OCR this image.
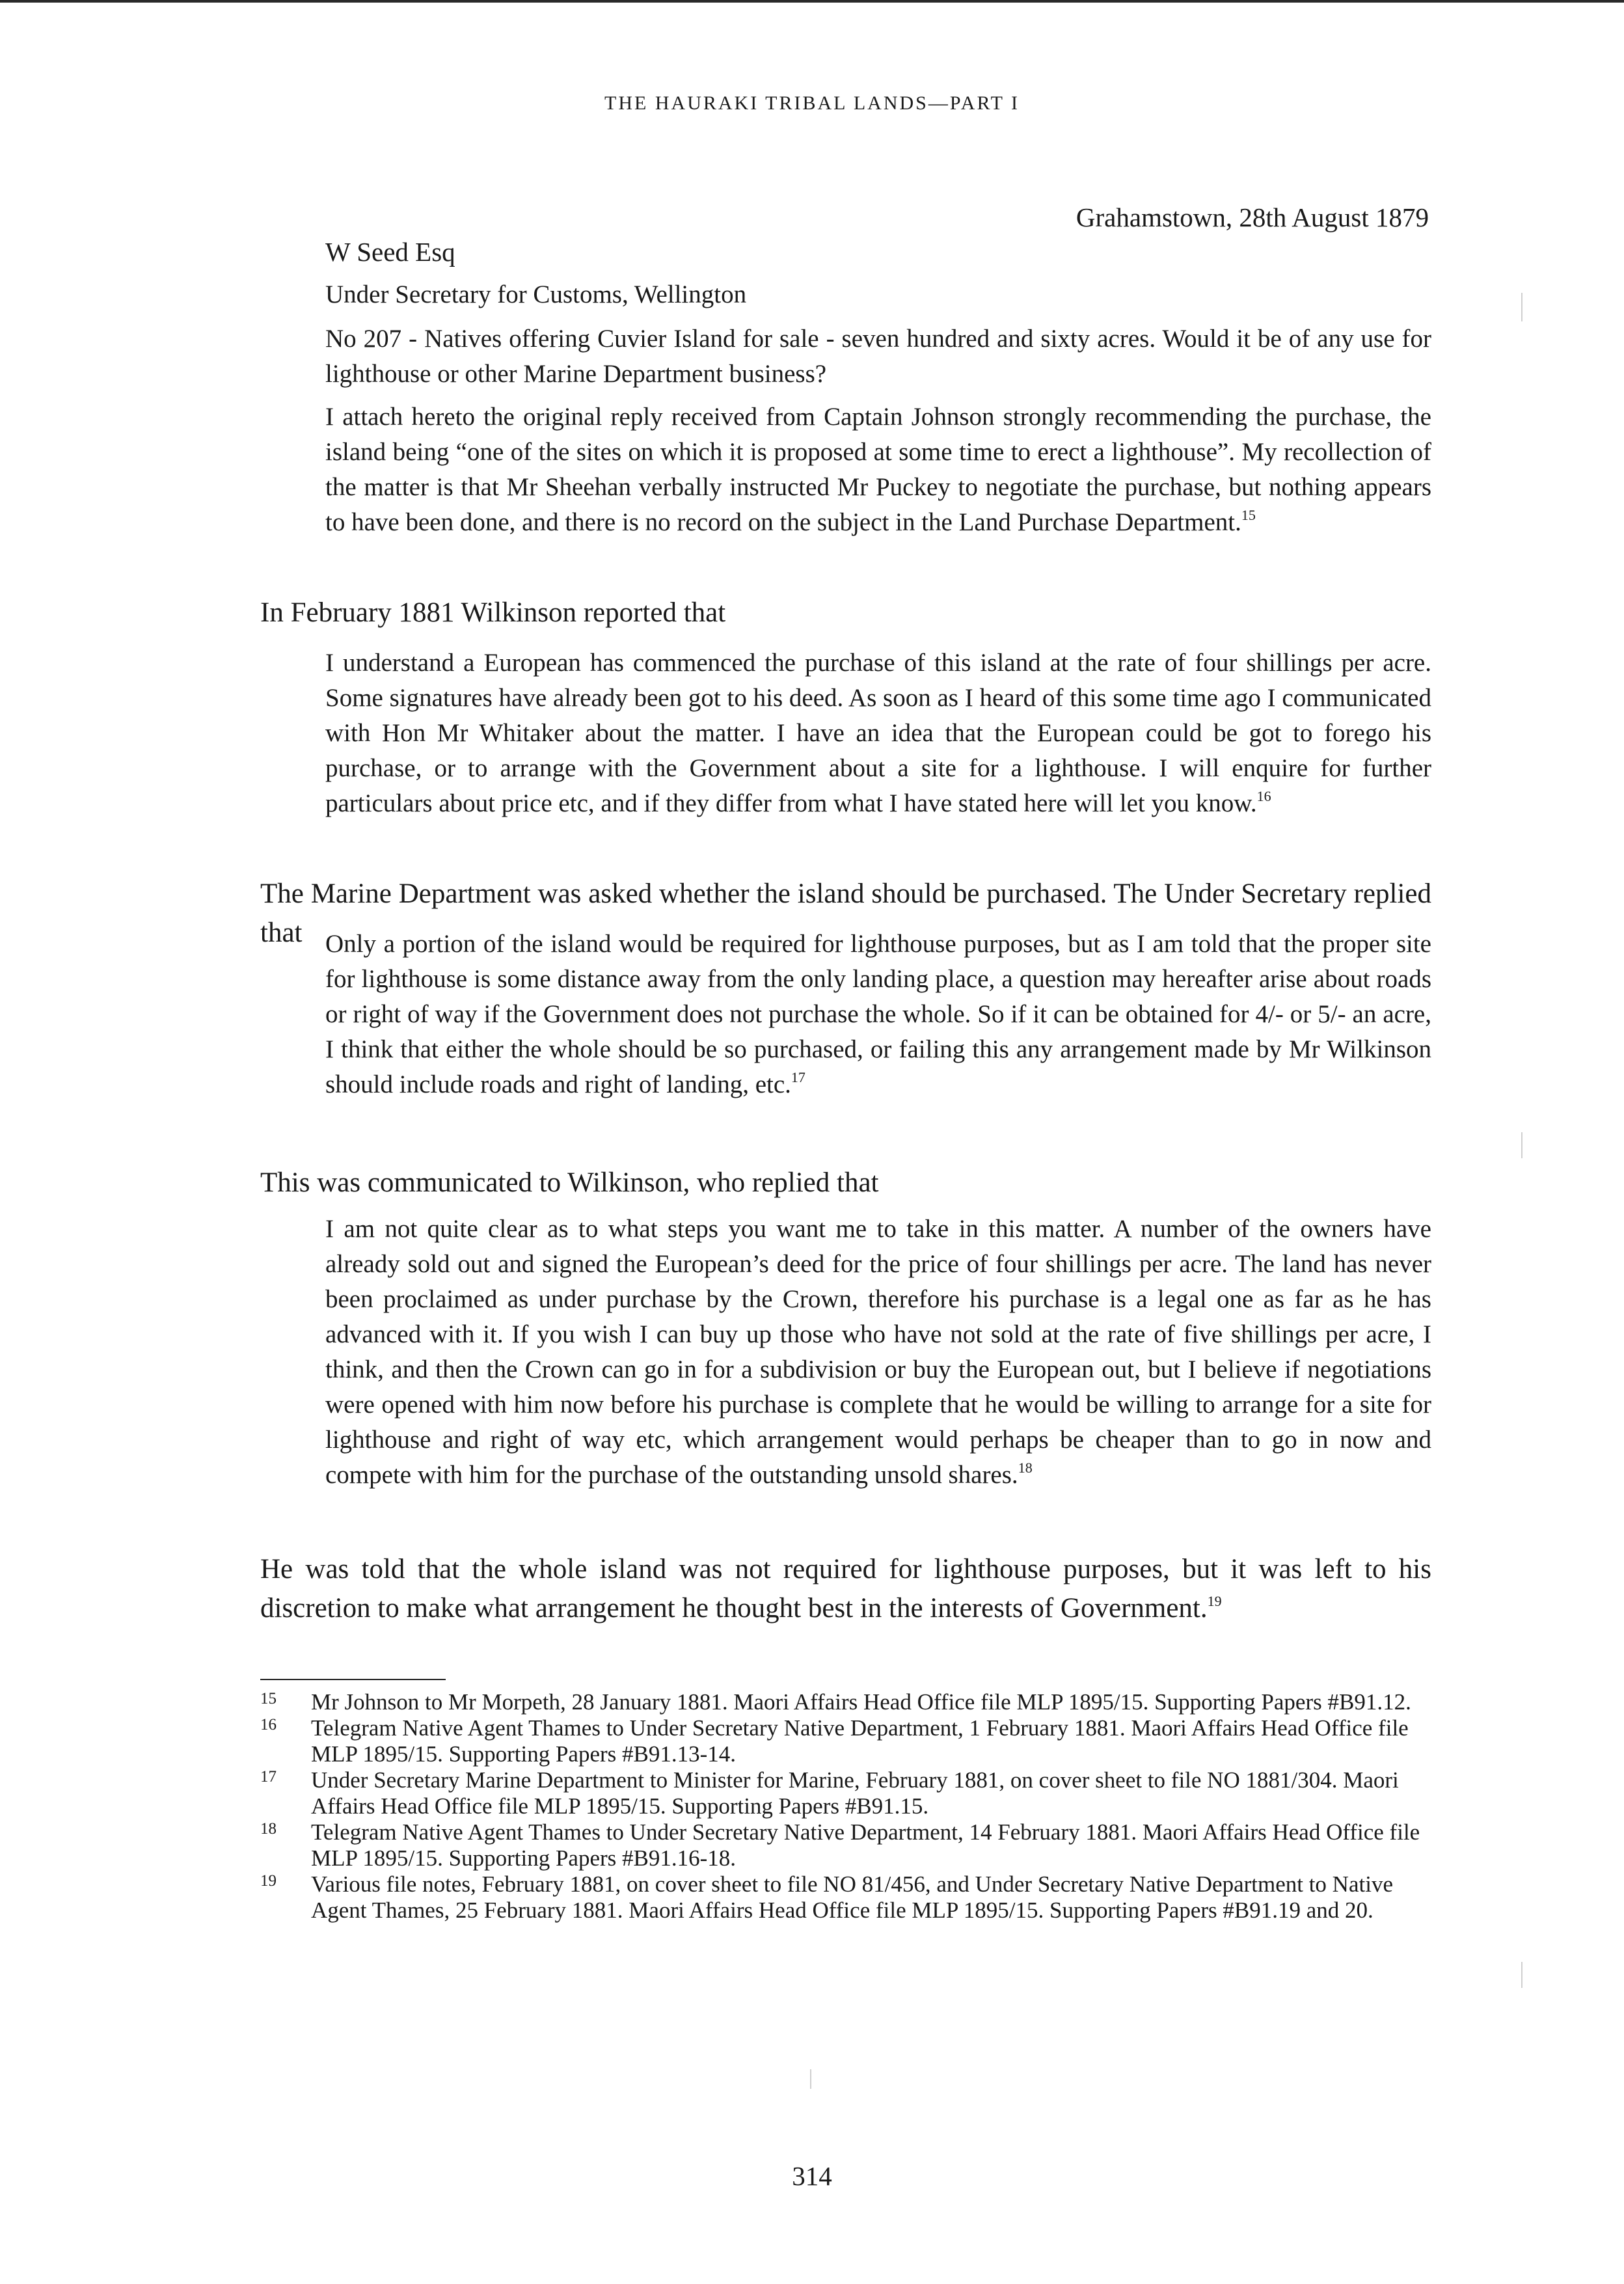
THE HAURAKI TRIBAL LANDS—PART I
Grahamstown, 28th August 1879

W Seed Esq

Under Secretary for Customs, Wellington

No 207 - Natives offering Cuvier Island for sale - seven hundred and sixty acres. Would it be of any use for lighthouse or other Marine Department business?

I attach hereto the original reply received from Captain Johnson strongly recommending the purchase, the island being “one of the sites on which it is proposed at some time to erect a lighthouse”. My recollection of the matter is that Mr Sheehan verbally instructed Mr Puckey to negotiate the purchase, but nothing appears to have been done, and there is no record on the subject in the Land Purchase Department.$^{15}$

In February 1881 Wilkinson reported that

I understand a European has commenced the purchase of this island at the rate of four shillings per acre. Some signatures have already been got to his deed. As soon as I heard of this some time ago I communicated with Hon Mr Whitaker about the matter. I have an idea that the European could be got to forego his purchase, or to arrange with the Government about a site for a lighthouse. I will enquire for further particulars about price etc, and if they differ from what I have stated here will let you know.$^{16}$

The Marine Department was asked whether the island should be purchased. The Under Secretary replied that Only a portion of the island would be required for lighthouse purposes, but as I am told that the proper site for lighthouse is some distance away from the only landing place, a question may hereafter arise about roads or right of way if the Government does not purchase the whole. So if it can be obtained for 4/- or 5/- an acre, I think that either the whole should be so purchased, or failing this any arrangement made by Mr Wilkinson should include roads and right of landing, etc.$^{17}$

This was communicated to Wilkinson, who replied that

I am not quite clear as to what steps you want me to take in this matter. A number of the owners have already sold out and signed the European’s deed for the price of four shillings per acre. The land has never been proclaimed as under purchase by the Crown, therefore his purchase is a legal one as far as he has advanced with it. If you wish I can buy up those who have not sold at the rate of five shillings per acre, I think, and then the Crown can go in for a subdivision or buy the European out, but I believe if negotiations were opened with him now before his purchase is complete that he would be willing to arrange for a site for lighthouse and right of way etc, which arrangement would perhaps be cheaper than to go in now and compete with him for the purchase of the outstanding unsold shares.$^{18}$

He was told that the whole island was not required for lighthouse purposes, but it was left to his discretion to make what arrangement he thought best in the interests of Government.$^{19}$

15	Mr Johnson to Mr Morpeth, 28 January 1881. Maori Affairs Head Office file MLP 1895/15. Supporting Papers #B91.12.
16	Telegram Native Agent Thames to Under Secretary Native Department, 1 February 1881. Maori Affairs Head Office file MLP 1895/15. Supporting Papers #B91.13-14.
17	Under Secretary Marine Department to Minister for Marine, February 1881, on cover sheet to file NO 1881/304. Maori Affairs Head Office file MLP 1895/15. Supporting Papers #B91.15.
18	Telegram Native Agent Thames to Under Secretary Native Department, 14 February 1881. Maori Affairs Head Office file MLP 1895/15. Supporting Papers #B91.16-18.
19	Various file notes, February 1881, on cover sheet to file NO 81/456, and Under Secretary Native Department to Native Agent Thames, 25 February 1881. Maori Affairs Head Office file MLP 1895/15. Supporting Papers #B91.19 and 20.
314
